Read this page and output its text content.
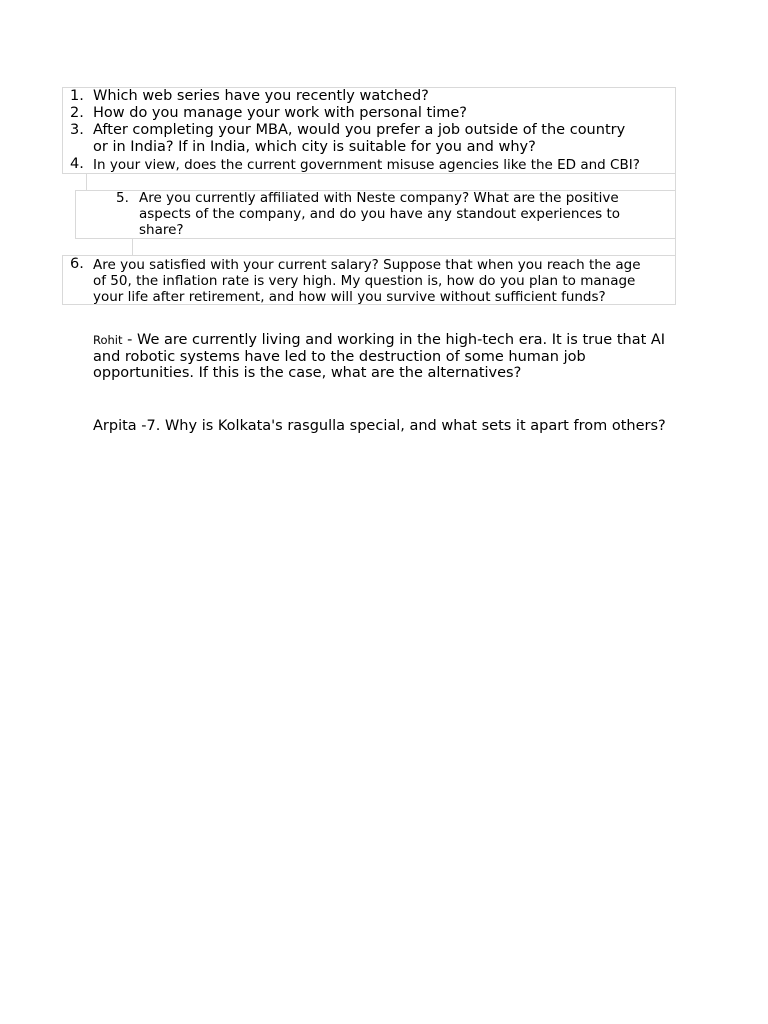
1. Which web series have you recently watched?
2. How do you manage your work with personal time?
3. After completing your MBA, would you prefer a job outside of the country
or in India? If in India, which city is suitable for you and why?
4. In your view, does the current government misuse agencies like the ED and CBI?
5. Are you currently affiliated with Neste company? What are the positive
aspects of the company, and do you have any standout experiences to
share?
6. Are you satisfied with your current salary? Suppose that when you reach the age
of 50, the inflation rate is very high. My question is, how do you plan to manage
your life after retirement, and how will you survive without sufficient funds?
Rohit - We are currently living and working in the high-tech era. It is true that AI
and robotic systems have led to the destruction of some human job
opportunities. If this is the case, what are the alternatives?
Arpita -7. Why is Kolkata's rasgulla special, and what sets it apart from others?
